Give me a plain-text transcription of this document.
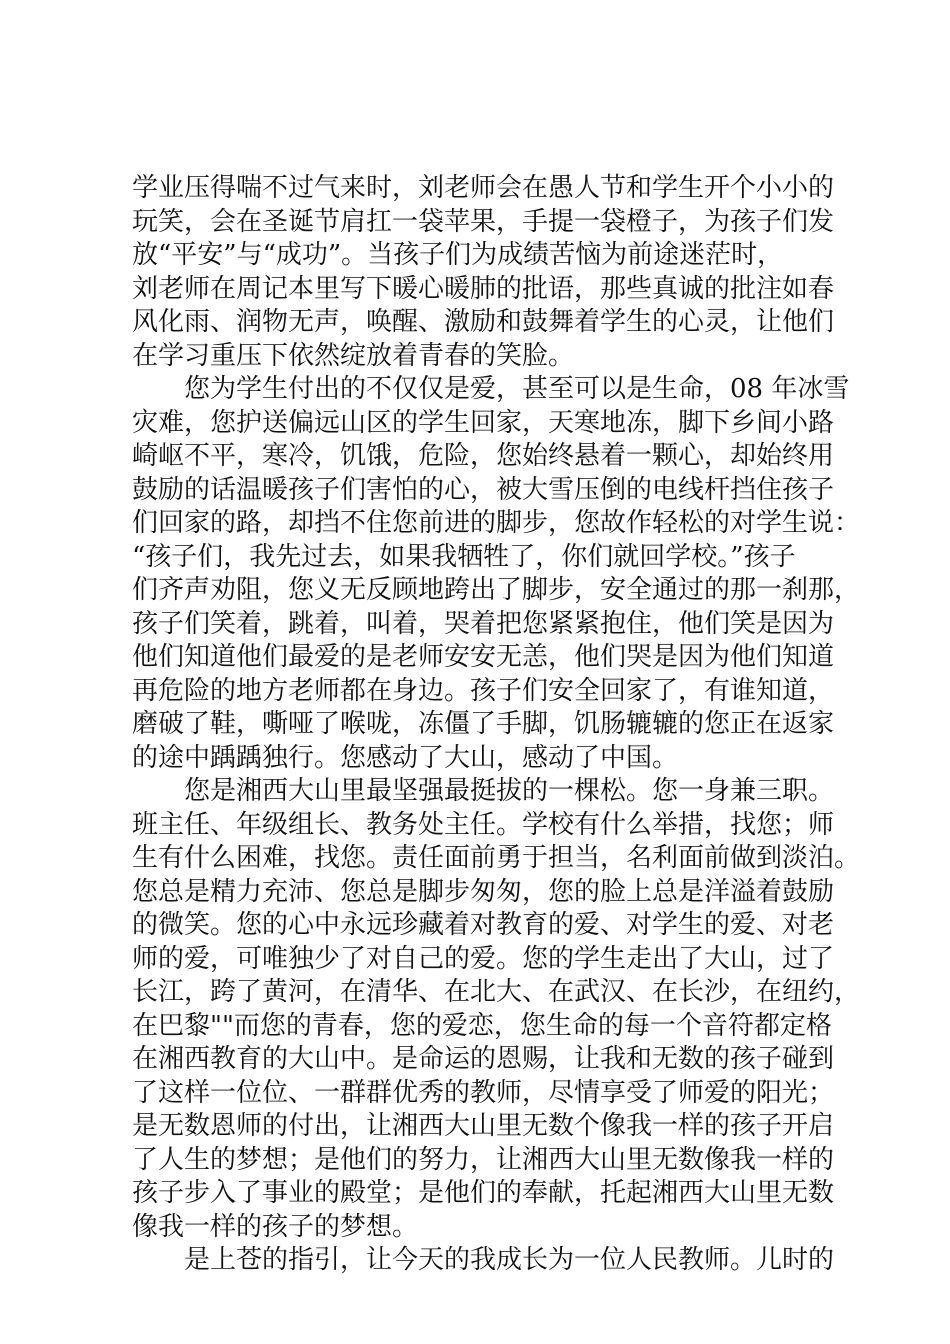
学业压得喘不过气来时，刘老师会在愚人节和学生开个小小的
玩笑，会在圣诞节肩扛一袋苹果，手提一袋橙子，为孩子们发
放“平安”与“成功”。当孩子们为成绩苦恼为前途迷茫时，
刘老师在周记本里写下暖心暖肺的批语，那些真诚的批注如春
风化雨、润物无声，唤醒、激励和鼓舞着学生的心灵，让他们
在学习重压下依然绽放着青春的笑脸。
您为学生付出的不仅仅是爱，甚至可以是生命，08 年冰雪
灾难，您护送偏远山区的学生回家，天寒地冻，脚下乡间小路
崎岖不平，寒冷，饥饿，危险，您始终悬着一颗心，却始终用
鼓励的话温暖孩子们害怕的心，被大雪压倒的电线杆挡住孩子
们回家的路，却挡不住您前进的脚步，您故作轻松的对学生说：
“孩子们，我先过去，如果我牺牲了，你们就回学校。”孩子
们齐声劝阻，您义无反顾地跨出了脚步，安全通过的那一刹那，
孩子们笑着，跳着，叫着，哭着把您紧紧抱住，他们笑是因为
他们知道他们最爱的是老师安安无恙，他们哭是因为他们知道
再危险的地方老师都在身边。孩子们安全回家了，有谁知道，
磨破了鞋，嘶哑了喉咙，冻僵了手脚，饥肠辘辘的您正在返家
的途中踽踽独行。您感动了大山，感动了中国。
您是湘西大山里最坚强最挺拔的一棵松。您一身兼三职。
班主任、年级组长、教务处主任。学校有什么举措，找您；师
生有什么困难，找您。责任面前勇于担当，名利面前做到淡泊。
您总是精力充沛、您总是脚步匆匆，您的脸上总是洋溢着鼓励
的微笑。您的心中永远珍藏着对教育的爱、对学生的爱、对老
师的爱，可唯独少了对自己的爱。您的学生走出了大山，过了
长江，跨了黄河，在清华、在北大、在武汉、在长沙，在纽约，
在巴黎""而您的青春，您的爱恋，您生命的每一个音符都定格
在湘西教育的大山中。是命运的恩赐，让我和无数的孩子碰到
了这样一位位、一群群优秀的教师，尽情享受了师爱的阳光；
是无数恩师的付出，让湘西大山里无数个像我一样的孩子开启
了人生的梦想；是他们的努力，让湘西大山里无数像我一样的
孩子步入了事业的殿堂；是他们的奉献，托起湘西大山里无数
像我一样的孩子的梦想。
是上苍的指引，让今天的我成长为一位人民教师。儿时的
